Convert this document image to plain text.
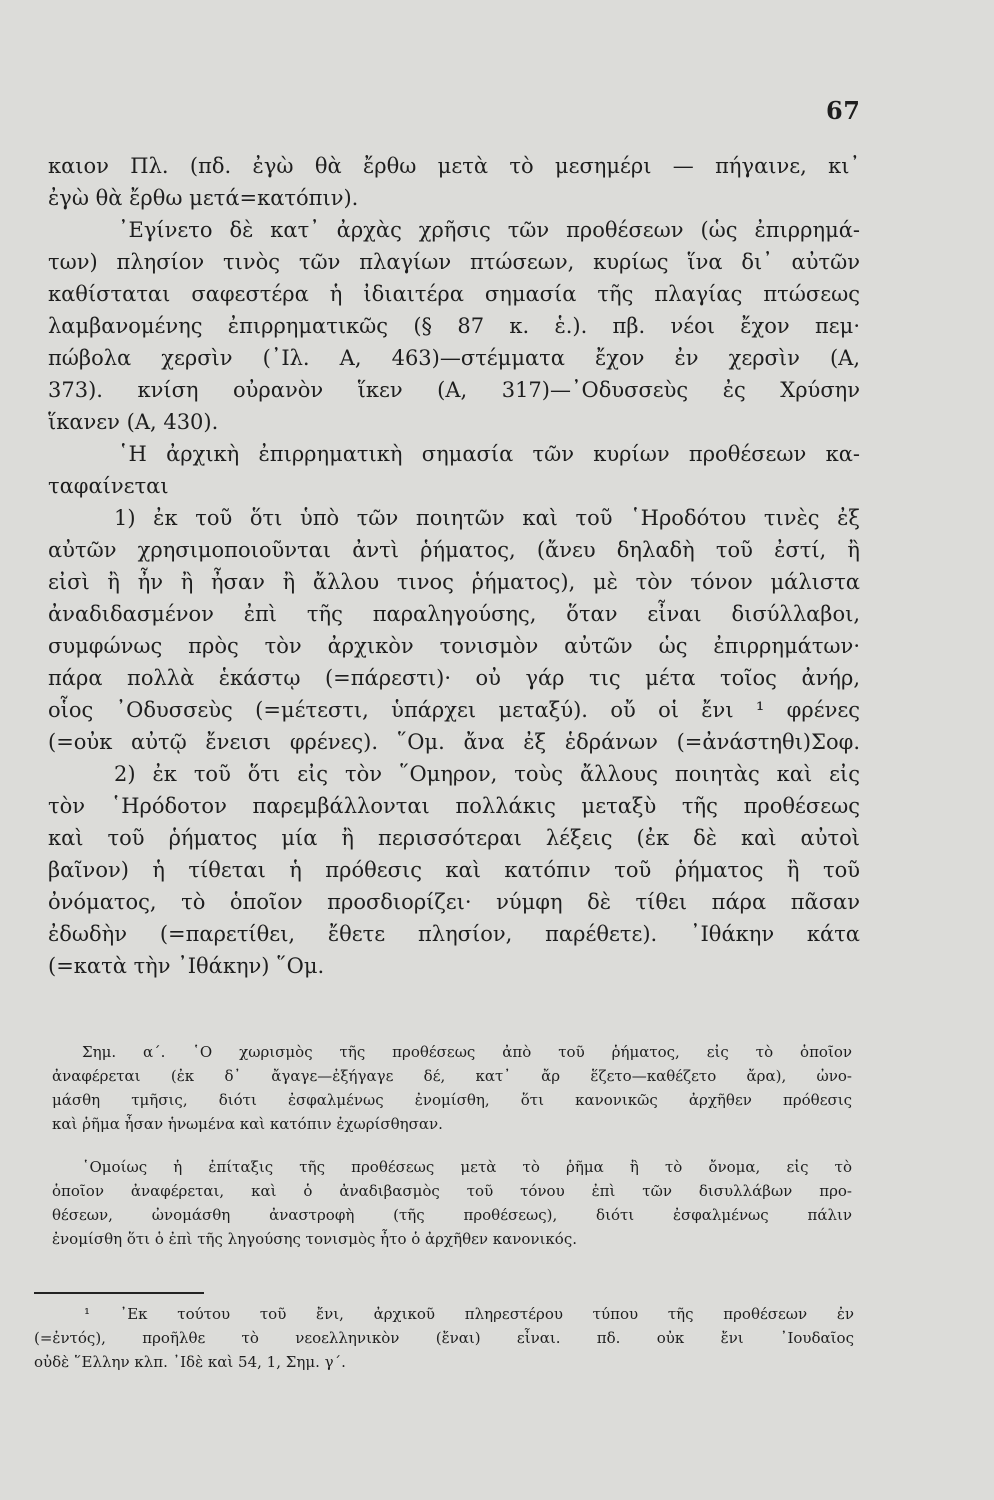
67
καιον Πλ. (πδ. ἐγὼ θὰ ἔρθω μετὰ τὸ μεσημέρι — πήγαινε, κι᾽
ἐγὼ θὰ ἔρθω μετά=κατόπιν).
᾽Εγίνετο δὲ κατ᾽ ἀρχὰς χρῆσις τῶν προθέσεων (ὡς ἐπιρρημά-
των) πλησίον τινὸς τῶν πλαγίων πτώσεων, κυρίως ἵνα δι᾽ αὐτῶν
καθίσταται σαφεστέρα ἡ ἰδιαιτέρα σημασία τῆς πλαγίας πτώσεως
λαμβανομένης ἐπιρρηματικῶς (§ 87 κ. ἑ.). πβ. νέοι ἔχον πεμ·
πώβολα χερσὶν (᾽Ιλ. Α, 463)—στέμματα ἔχον ἐν χερσὶν (Α,
373). κνίση οὐρανὸν ἵκεν (Α, 317)—᾽Οδυσσεὺς ἐς Χρύσην
ἵκανεν (Α, 430).
῾Η ἀρχικὴ ἐπιρρηματικὴ σημασία τῶν κυρίων προθέσεων κα-
ταφαίνεται
1) ἐκ τοῦ ὅτι ὑπὸ τῶν ποιητῶν καὶ τοῦ ῾Ηροδότου τινὲς ἐξ
αὐτῶν χρησιμοποιοῦνται ἀντὶ ῥήματος, (ἄνευ δηλαδὴ τοῦ ἐστί, ἢ
εἰσὶ ἢ ἦν ἢ ἦσαν ἢ ἄλλου τινος ῥήματος), μὲ τὸν τόνον μάλιστα
ἀναδιδασμένον ἐπὶ τῆς παραληγούσης, ὅταν εἶναι δισύλλαβοι,
συμφώνως πρὸς τὸν ἀρχικὸν τονισμὸν αὐτῶν ὡς ἐπιρρημάτων·
πάρα πολλὰ ἑκάστῳ (=πάρεστι)· οὐ γάρ τις μέτα τοῖος ἀνήρ,
οἷος ᾽Οδυσσεὺς (=μέτεστι, ὑπάρχει μεταξύ). οὔ οἱ ἔνι ¹ φρένες
(=οὐκ αὐτῷ ἔνεισι φρένες). ῞Ομ. ἄνα ἐξ ἑδράνων (=ἀνάστηθι)Σοφ.
2) ἐκ τοῦ ὅτι εἰς τὸν ῞Ομηρον, τοὺς ἄλλους ποιητὰς καὶ εἰς
τὸν ῾Ηρόδοτον παρεμβάλλονται πολλάκις μεταξὺ τῆς προθέσεως
καὶ τοῦ ῥήματος μία ἢ περισσότεραι λέξεις (ἐκ δὲ καὶ αὐτοὶ
βαῖνον) ἡ τίθεται ἡ πρόθεσις καὶ κατόπιν τοῦ ῥήματος ἢ τοῦ
ὀνόματος, τὸ ὁποῖον προσδιορίζει· νύμφη δὲ τίθει πάρα πᾶσαν
ἐδωδὴν (=παρετίθει, ἔθετε πλησίον, παρέθετε). ᾽Ιθάκην κάτα
(=κατὰ τὴν ᾽Ιθάκην) ῞Ομ.
Σημ. α΄. ῾Ο χωρισμὸς τῆς προθέσεως ἀπὸ τοῦ ῥήματος, εἰς τὸ ὁποῖον
ἀναφέρεται (ἐκ δ᾽ ἄγαγε—ἐξήγαγε δέ, κατ᾽ ἄρ ἕζετο—καθέζετο ἄρα), ὠνο-
μάσθη τμῆσις, διότι ἐσφαλμένως ἐνομίσθη, ὅτι κανονικῶς ἀρχῆθεν πρόθεσις
καὶ ῥῆμα ἦσαν ἡνωμένα καὶ κατόπιν ἐχωρίσθησαν.
῾Ομοίως ἡ ἐπίταξις τῆς προθέσεως μετὰ τὸ ῥῆμα ἢ τὸ ὄνομα, εἰς τὸ
ὁποῖον ἀναφέρεται, καὶ ὁ ἀναδιβασμὸς τοῦ τόνου ἐπὶ τῶν δισυλλάβων προ-
θέσεων, ὠνομάσθη ἀναστροφὴ (τῆς προθέσεως), διότι ἐσφαλμένως πάλιν
ἐνομίσθη ὅτι ὁ ἐπὶ τῆς ληγούσης τονισμὸς ἦτο ὁ ἀρχῆθεν κανονικός.
¹ ᾽Εκ τούτου τοῦ ἔνι, ἀρχικοῦ πληρεστέρου τύπου τῆς προθέσεων ἐν
(=ἐντός), προῆλθε τὸ νεοελληνικὸν (ἔναι) εἶναι. πδ. οὐκ ἔνι ᾽Ιουδαῖος
οὐδὲ ῞Ελλην κλπ. ᾽Ιδὲ καὶ 54, 1, Σημ. γ΄.
